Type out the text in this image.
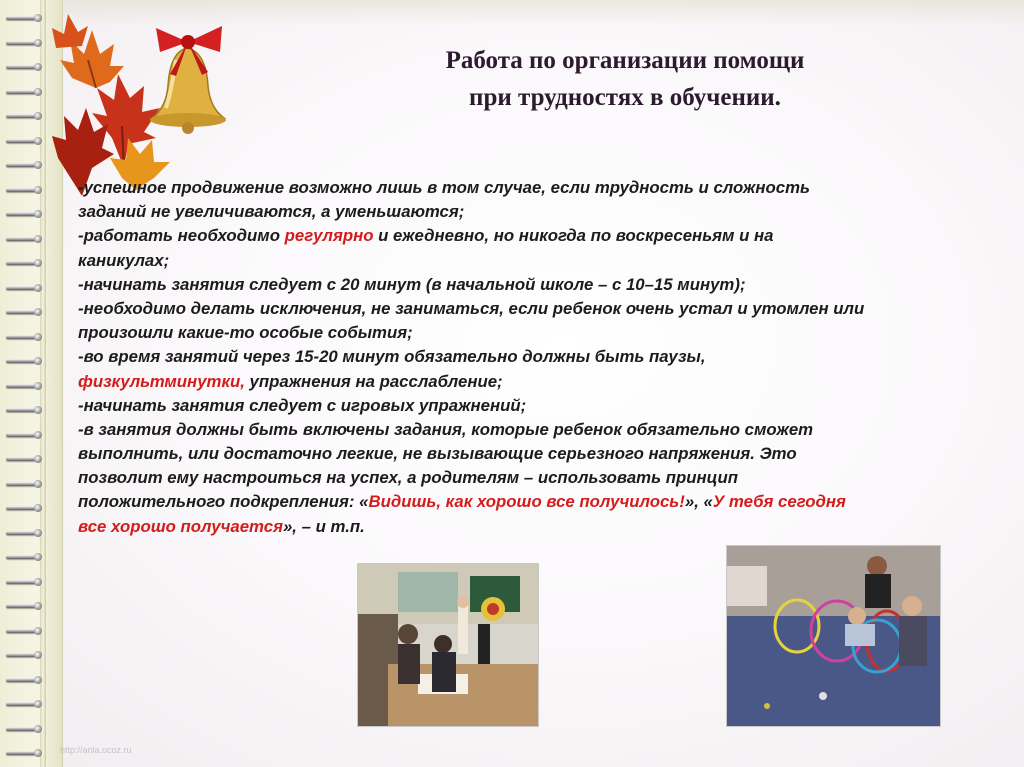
Работа по организации помощи
при трудностях в обучении.
-успешное продвижение возможно лишь в том случае, если трудность и сложность
заданий не увеличиваются, а уменьшаются;
-работать необходимо регулярно и ежедневно, но никогда по воскресеньям и на
каникулах;
-начинать занятия следует с 20 минут (в начальной школе – с 10–15 минут);
-необходимо делать исключения, не заниматься, если ребенок очень устал и утомлен или
произошли какие-то особые события;
-во время занятий через 15-20 минут обязательно должны быть паузы,
физкультминутки, упражнения на расслабление;
-начинать занятия следует с игровых упражнений;
-в занятия должны быть включены задания, которые ребенок обязательно сможет
выполнить, или достаточно легкие, не вызывающие серьезного напряжения. Это
позволит ему настроиться на успех, а родителям – использовать принцип
положительного подкрепления: «Видишь, как хорошо все получилось!», «У тебя сегодня
все хорошо получается», – и т.п.
http://anla.ucoz.ru
